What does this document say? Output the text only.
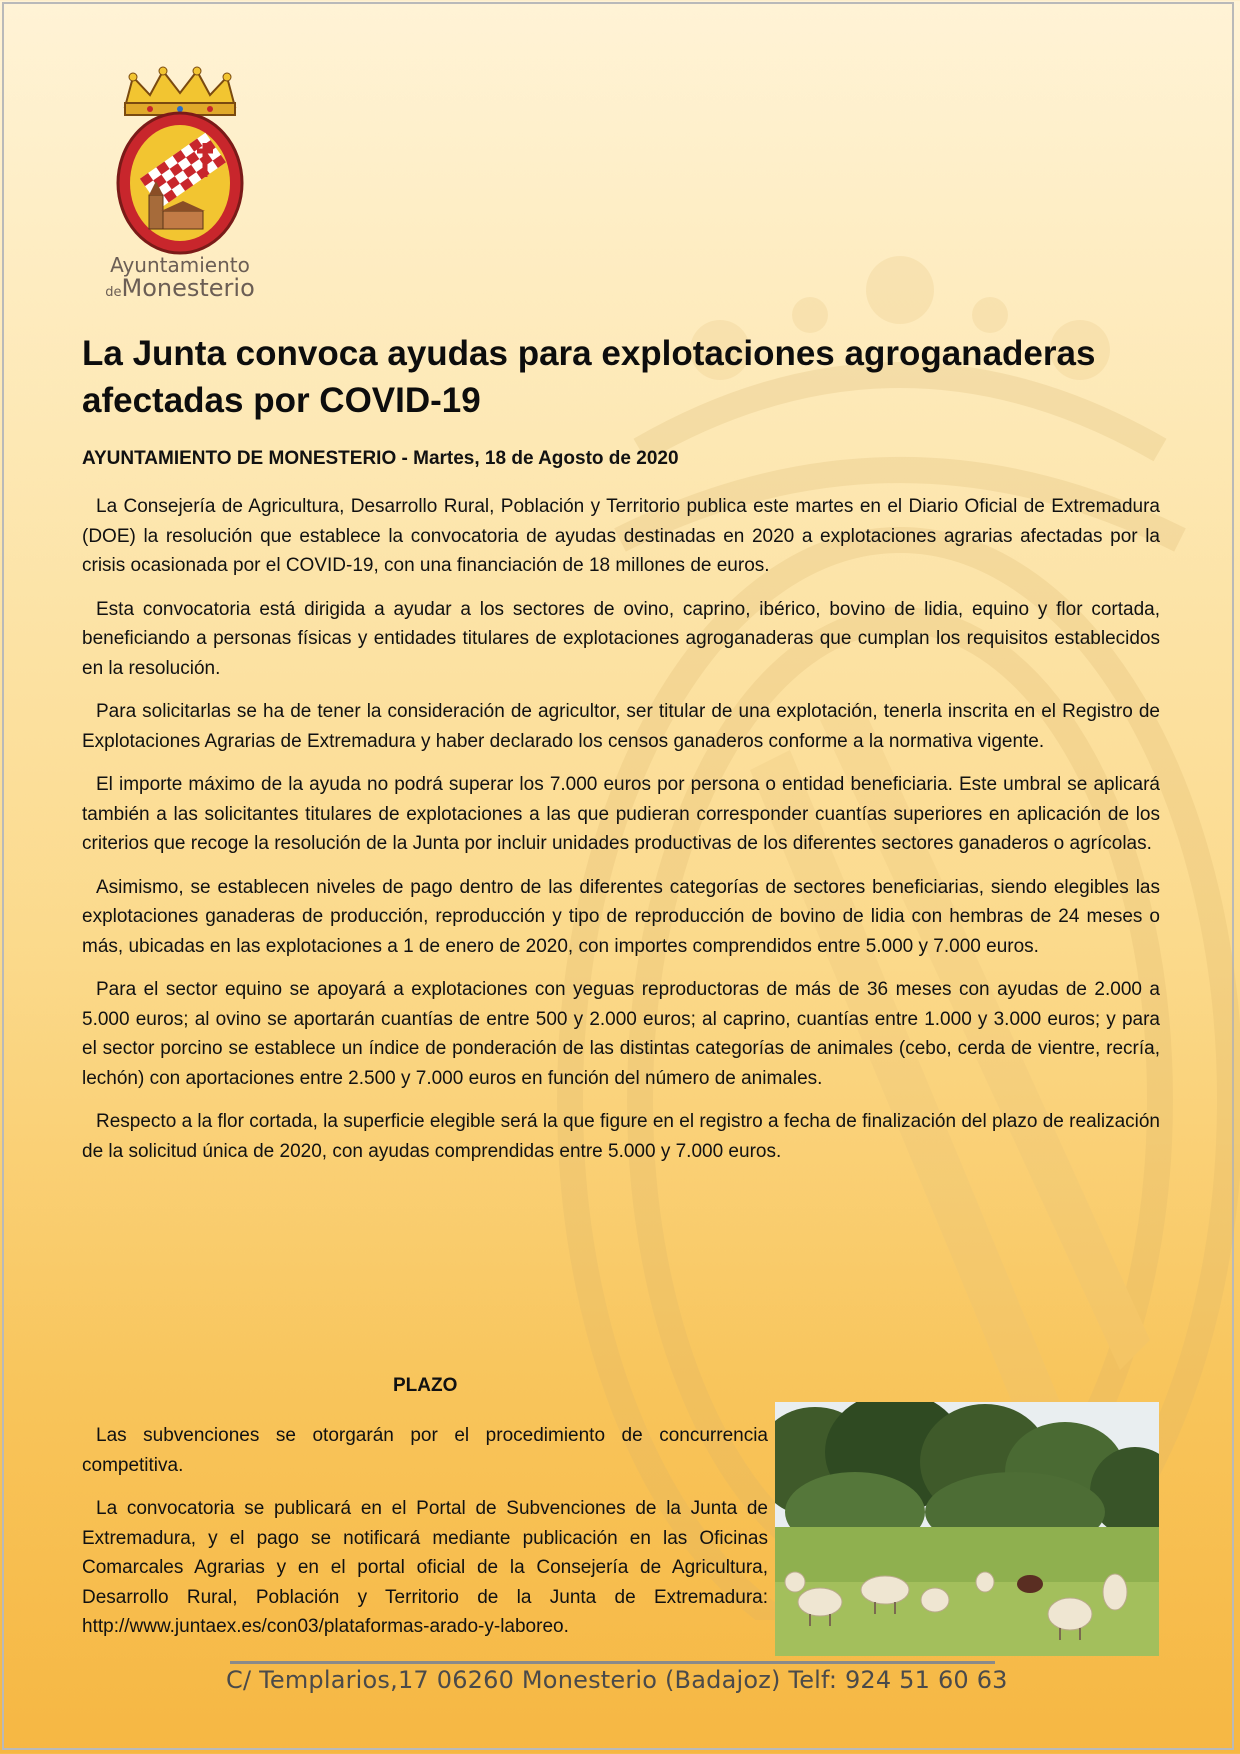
Ayuntamiento
deMonesterio
La Junta convoca ayudas para explotaciones agroganaderas afectadas por COVID-19

AYUNTAMIENTO DE MONESTERIO - Martes, 18 de Agosto de 2020

La Consejería de Agricultura, Desarrollo Rural, Población y Territorio publica este martes en el Diario Oficial de Extremadura (DOE) la resolución que establece la convocatoria de ayudas destinadas en 2020 a explotaciones agrarias afectadas por la crisis ocasionada por el COVID-19, con una financiación de 18 millones de euros.

Esta convocatoria está dirigida a ayudar a los sectores de ovino, caprino, ibérico, bovino de lidia, equino y flor cortada, beneficiando a personas físicas y entidades titulares de explotaciones agroganaderas que cumplan los requisitos establecidos en la resolución.

Para solicitarlas se ha de tener la consideración de agricultor, ser titular de una explotación, tenerla inscrita en el Registro de Explotaciones Agrarias de Extremadura y haber declarado los censos ganaderos conforme a la normativa vigente.

El importe máximo de la ayuda no podrá superar los 7.000 euros por persona o entidad beneficiaria. Este umbral se aplicará también a las solicitantes titulares de explotaciones a las que pudieran corresponder cuantías superiores en aplicación de los criterios que recoge la resolución de la Junta por incluir unidades productivas de los diferentes sectores ganaderos o agrícolas.

Asimismo, se establecen niveles de pago dentro de las diferentes categorías de sectores beneficiarias, siendo elegibles las explotaciones ganaderas de producción, reproducción y tipo de reproducción de bovino de lidia con hembras de 24 meses o más, ubicadas en las explotaciones a 1 de enero de 2020, con importes comprendidos entre 5.000 y 7.000 euros.

Para el sector equino se apoyará a explotaciones con yeguas reproductoras de más de 36 meses con ayudas de 2.000 a 5.000 euros; al ovino se aportarán cuantías de entre 500 y 2.000 euros; al caprino, cuantías entre 1.000 y 3.000 euros; y para el sector porcino se establece un índice de ponderación de las distintas categorías de animales (cebo, cerda de vientre, recría, lechón) con aportaciones entre 2.500 y 7.000 euros en función del número de animales.

Respecto a la flor cortada, la superficie elegible será la que figure en el registro a fecha de finalización del plazo de realización de la solicitud única de 2020, con ayudas comprendidas entre 5.000 y 7.000 euros.

PLAZO

Las subvenciones se otorgarán por el procedimiento de concurrencia competitiva.

La convocatoria se publicará en el Portal de Subvenciones de la Junta de Extremadura, y el pago se notificará mediante publicación en las Oficinas Comarcales Agrarias y en el portal oficial de la Consejería de Agricultura, Desarrollo Rural, Población y Territorio de la Junta de Extremadura: http://www.juntaex.es/con03/plataformas-arado-y-laboreo.

C/ Templarios,17 06260 Monesterio (Badajoz) Telf: 924 51 60 63
